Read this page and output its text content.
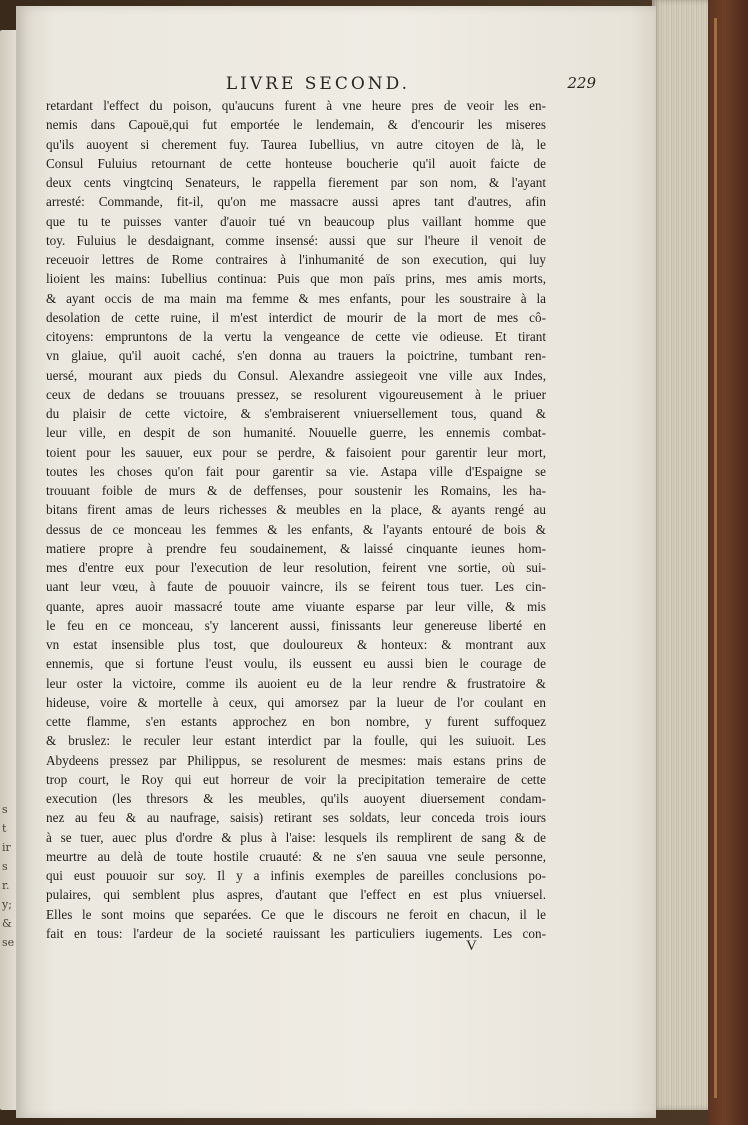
s
t
ir
s
r.
y;
&
se
LIVRE SECOND.	229
retardant l'effect du poison, qu'aucuns furent à vne heure pres de veoir les en-
nemis dans Capouë,qui fut emportée le lendemain, & d'encourir les miseres
qu'ils auoyent si cherement fuy. Taurea Iubellius, vn autre citoyen de là, le
Consul Fuluius retournant de cette honteuse boucherie qu'il auoit faicte de
deux cents vingtcinq Senateurs, le rappella fierement par son nom, & l'ayant
arresté: Commande, fit-il, qu'on me massacre aussi apres tant d'autres, afin
que tu te puisses vanter d'auoir tué vn beaucoup plus vaillant homme que
toy. Fuluius le desdaignant, comme insensé: aussi que sur l'heure il venoit de
receuoir lettres de Rome contraires à l'inhumanité de son execution, qui luy
lioient les mains: Iubellius continua: Puis que mon païs prins, mes amis morts,
& ayant occis de ma main ma femme & mes enfants, pour les soustraire à la
desolation de cette ruine, il m'est interdict de mourir de la mort de mes cô-
citoyens: empruntons de la vertu la vengeance de cette vie odieuse. Et tirant
vn glaiue, qu'il auoit caché, s'en donna au trauers la poictrine, tumbant ren-
uersé, mourant aux pieds du Consul. Alexandre assiegeoit vne ville aux Indes,
ceux de dedans se trouuans pressez, se resolurent vigoureusement à le priuer
du plaisir de cette victoire, & s'embraiserent vniuersellement tous, quand &
leur ville, en despit de son humanité. Nouuelle guerre, les ennemis combat-
toient pour les sauuer, eux pour se perdre, & faisoient pour garentir leur mort,
toutes les choses qu'on fait pour garentir sa vie. Astapa ville d'Espaigne se
trouuant foible de murs & de deffenses, pour soustenir les Romains, les ha-
bitans firent amas de leurs richesses & meubles en la place, & ayants rengé au
dessus de ce monceau les femmes & les enfants, & l'ayants entouré de bois &
matiere propre à prendre feu soudainement, & laissé cinquante ieunes hom-
mes d'entre eux pour l'execution de leur resolution, feirent vne sortie, où sui-
uant leur vœu, à faute de pouuoir vaincre, ils se feirent tous tuer. Les cin-
quante, apres auoir massacré toute ame viuante esparse par leur ville, & mis
le feu en ce monceau, s'y lancerent aussi, finissants leur genereuse liberté en
vn estat insensible plus tost, que douloureux & honteux: & montrant aux
ennemis, que si fortune l'eust voulu, ils eussent eu aussi bien le courage de
leur oster la victoire, comme ils auoient eu de la leur rendre & frustratoire &
hideuse, voire & mortelle à ceux, qui amorsez par la lueur de l'or coulant en
cette flamme, s'en estants approchez en bon nombre, y furent suffoquez
& bruslez: le reculer leur estant interdict par la foulle, qui les suiuoit. Les
Abydeens pressez par Philippus, se resolurent de mesmes: mais estans prins de
trop court, le Roy qui eut horreur de voir la precipitation temeraire de cette
execution (les thresors & les meubles, qu'ils auoyent diuersement condam-
nez au feu & au naufrage, saisis) retirant ses soldats, leur conceda trois iours
à se tuer, auec plus d'ordre & plus à l'aise: lesquels ils remplirent de sang & de
meurtre au delà de toute hostile cruauté: & ne s'en sauua vne seule personne,
qui eust pouuoir sur soy. Il y a infinis exemples de pareilles conclusions po-
pulaires, qui semblent plus aspres, d'autant que l'effect en est plus vniuersel.
Elles le sont moins que separées. Ce que le discours ne feroit en chacun, il le
fait en tous: l'ardeur de la societé rauissant les particuliers iugements. Les con-
V
